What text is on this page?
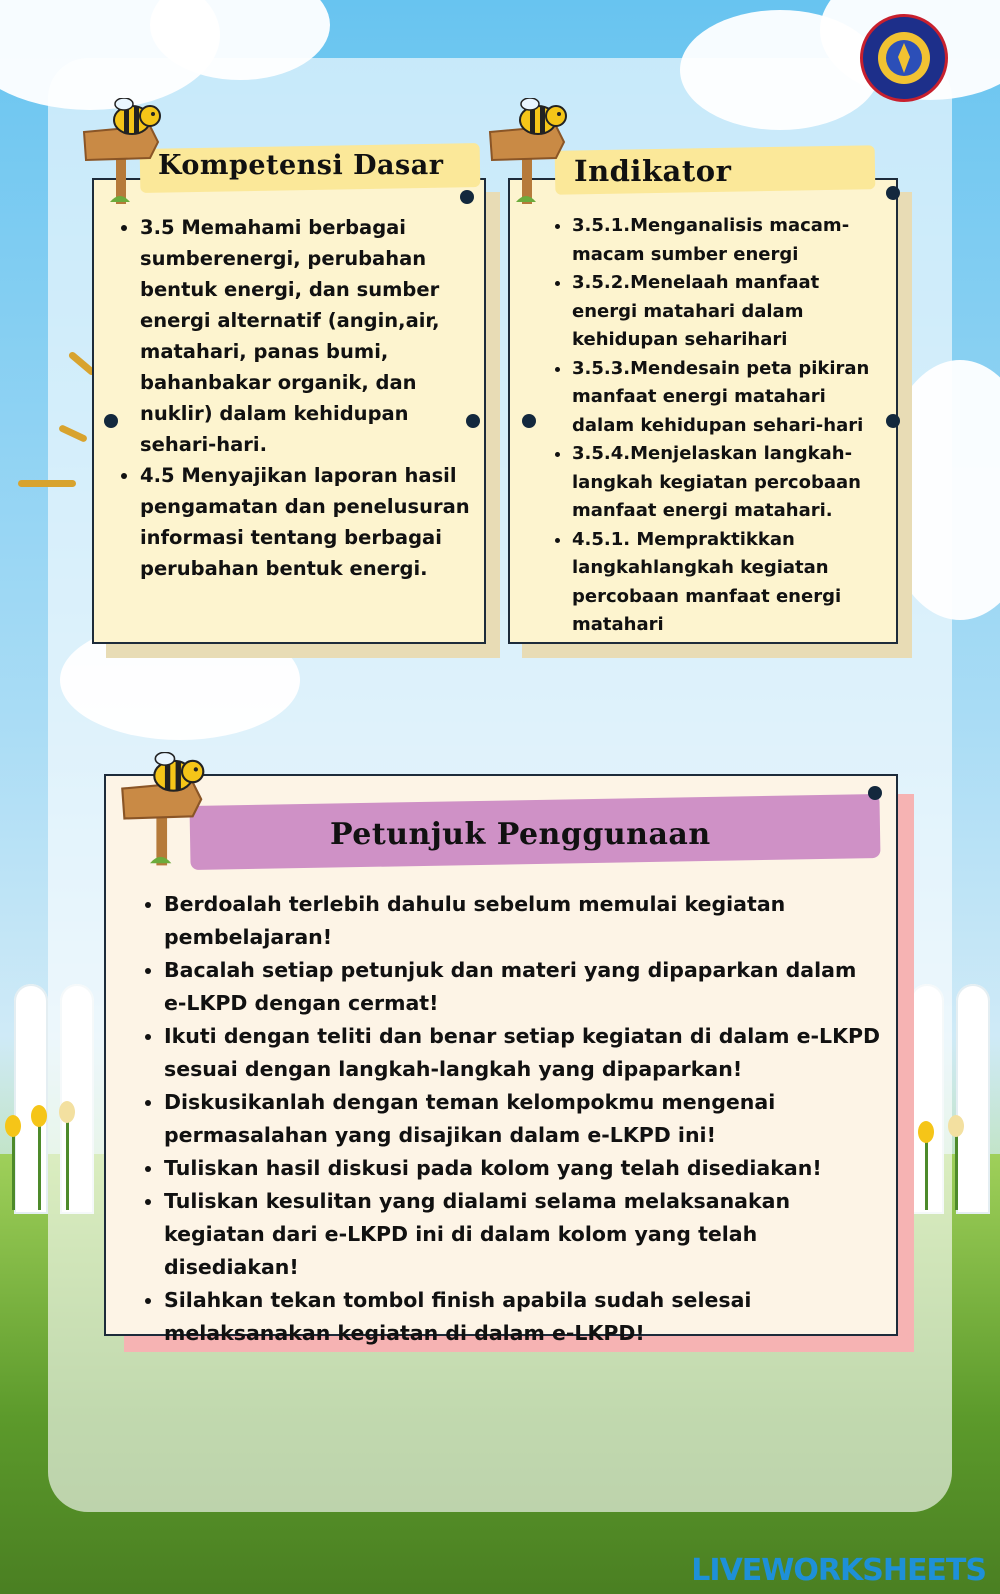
Kompetensi Dasar
• 3.5 Memahami berbagai sumberenergi, perubahan bentuk energi, dan sumber energi alternatif (angin,air, matahari, panas bumi, bahanbakar organik, dan nuklir) dalam kehidupan sehari-hari.
• 4.5 Menyajikan laporan hasil pengamatan dan penelusuran informasi tentang berbagai perubahan bentuk energi.
Indikator
• 3.5.1.Menganalisis macam-macam sumber energi
• 3.5.2.Menelaah manfaat energi matahari dalam kehidupan seharihari
• 3.5.3.Mendesain peta pikiran manfaat energi matahari dalam kehidupan sehari-hari
• 3.5.4.Menjelaskan langkah-langkah kegiatan percobaan manfaat energi matahari.
• 4.5.1. Mempraktikkan langkahlangkah kegiatan percobaan manfaat energi matahari
Petunjuk Penggunaan
• Berdoalah terlebih dahulu sebelum memulai kegiatan pembelajaran!
• Bacalah setiap petunjuk dan materi yang dipaparkan dalam e-LKPD dengan cermat!
• Ikuti dengan teliti dan benar setiap kegiatan di dalam e-LKPD sesuai dengan langkah-langkah yang dipaparkan!
• Diskusikanlah dengan teman kelompokmu mengenai permasalahan yang disajikan dalam e-LKPD ini!
• Tuliskan hasil diskusi pada kolom yang telah disediakan!
• Tuliskan kesulitan yang dialami selama melaksanakan kegiatan dari e-LKPD ini di dalam kolom yang telah disediakan!
• Silahkan tekan tombol finish apabila sudah selesai melaksanakan kegiatan di dalam e-LKPD!
LIVEWORKSHEETS
